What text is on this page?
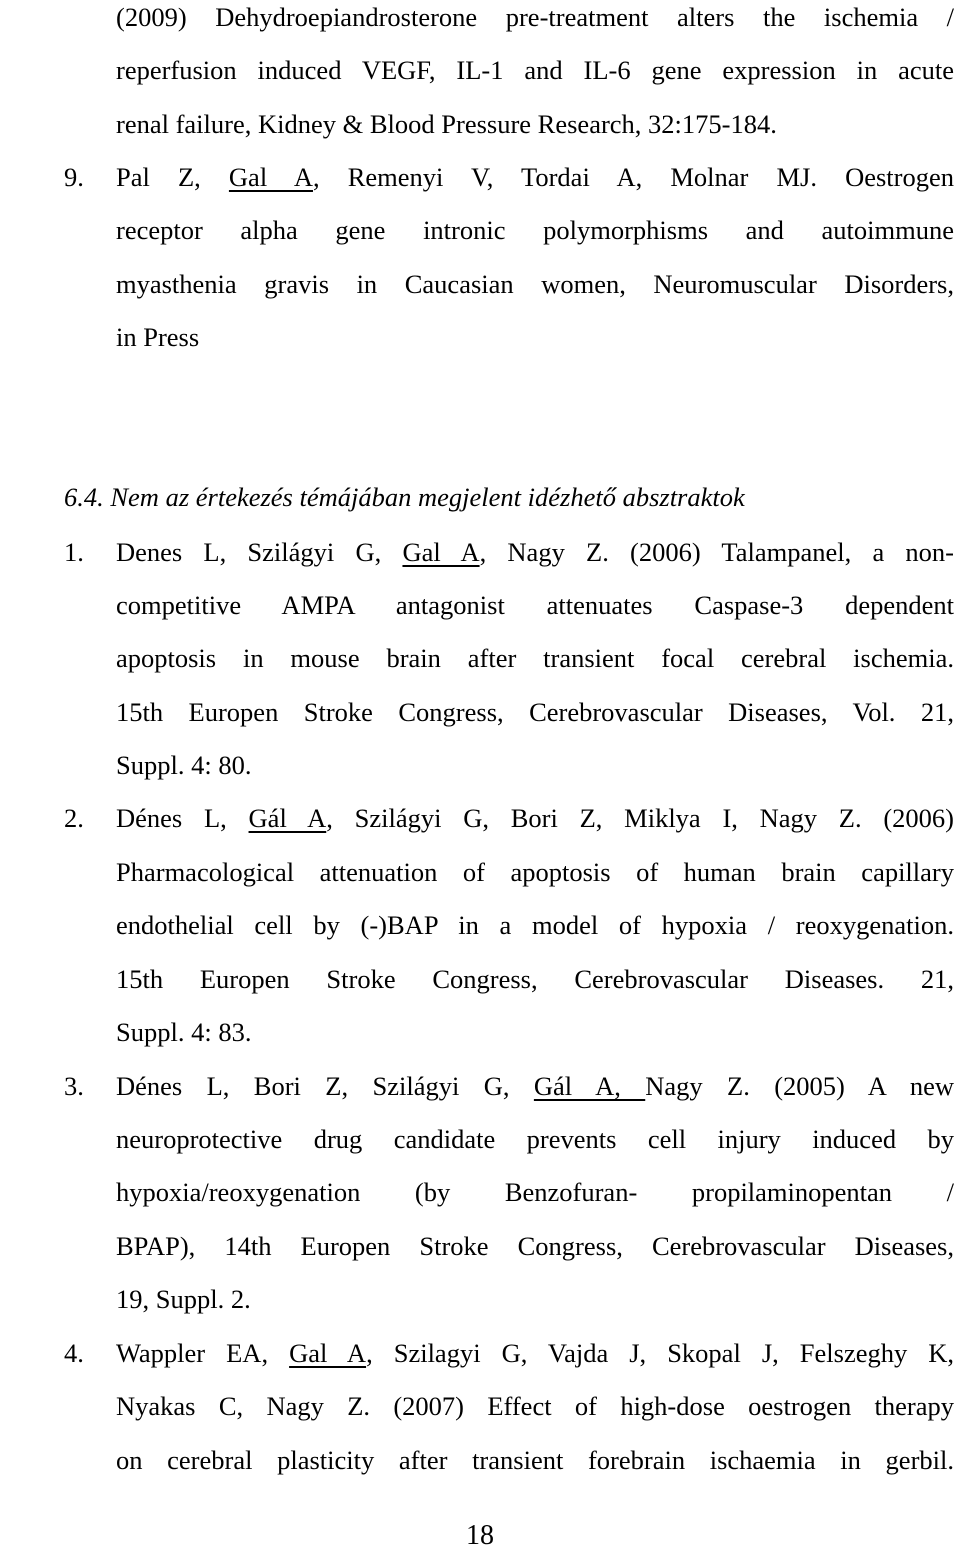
(2009) Dehydroepiandrosterone pre-treatment alters the ischemia /
reperfusion induced VEGF, IL-1 and IL-6 gene expression in acute
renal failure, Kidney & Blood Pressure Research, 32:175-184.
9. Pal Z, Gal A, Remenyi V, Tordai A, Molnar MJ. Oestrogen
receptor alpha gene intronic polymorphisms and autoimmune
myasthenia gravis in Caucasian women, Neuromuscular Disorders,
in Press
6.4. Nem az értekezés témájában megjelent idézhető absztraktok
1. Denes L, Szilágyi G, Gal A, Nagy Z. (2006) Talampanel, a non-
competitive AMPA antagonist attenuates Caspase-3 dependent
apoptosis in mouse brain after transient focal cerebral ischemia.
15th Europen Stroke Congress, Cerebrovascular Diseases, Vol. 21,
Suppl. 4: 80.
2. Dénes L, Gál A, Szilágyi G, Bori Z, Miklya I, Nagy Z. (2006)
Pharmacological attenuation of apoptosis of human brain capillary
endothelial cell by (-)BAP in a model of hypoxia / reoxygenation.
15th Europen Stroke Congress, Cerebrovascular Diseases. 21,
Suppl. 4: 83.
3. Dénes L, Bori Z, Szilágyi G, Gál A, Nagy Z. (2005) A new
neuroprotective drug candidate prevents cell injury induced by
hypoxia/reoxygenation (by Benzofuran- propilaminopentan /
BPAP), 14th Europen Stroke Congress, Cerebrovascular Diseases,
19, Suppl. 2.
4. Wappler EA, Gal A, Szilagyi G, Vajda J, Skopal J, Felszeghy K,
Nyakas C, Nagy Z. (2007) Effect of high-dose oestrogen therapy
on cerebral plasticity after transient forebrain ischaemia in gerbil.
18
